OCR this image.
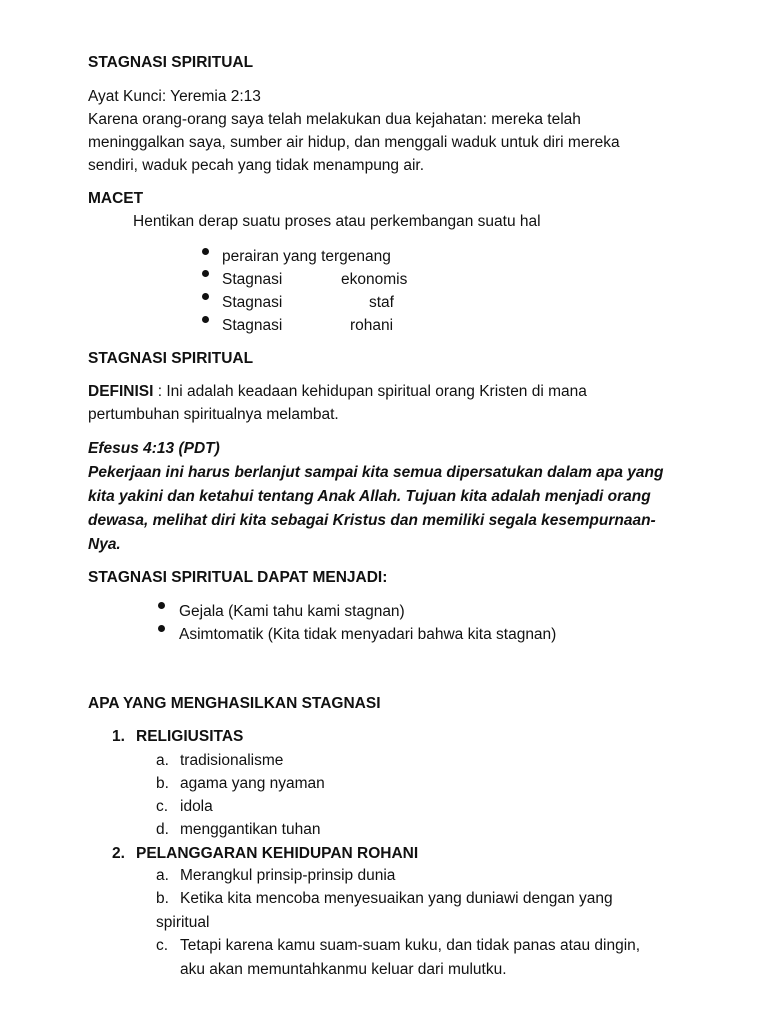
STAGNASI SPIRITUAL
Ayat Kunci: Yeremia 2:13
Karena orang-orang saya telah melakukan dua kejahatan: mereka telah
meninggalkan saya, sumber air hidup, dan menggali waduk untuk diri mereka
sendiri, waduk pecah yang tidak menampung air.
MACET
Hentikan derap suatu proses atau perkembangan suatu hal
perairan yang tergenang
Stagnasi	ekonomis
Stagnasi	staf
Stagnasi	rohani
STAGNASI SPIRITUAL
DEFINISI : Ini adalah keadaan kehidupan spiritual orang Kristen di mana
pertumbuhan spiritualnya melambat.
Efesus 4:13 (PDT)
Pekerjaan ini harus berlanjut sampai kita semua dipersatukan dalam apa yang
kita yakini dan ketahui tentang Anak Allah. Tujuan kita adalah menjadi orang
dewasa, melihat diri kita sebagai Kristus dan memiliki segala kesempurnaan-
Nya.
STAGNASI SPIRITUAL DAPAT MENJADI:
Gejala (Kami tahu kami stagnan)
Asimtomatik (Kita tidak menyadari bahwa kita stagnan)
APA YANG MENGHASILKAN STAGNASI
1. RELIGIUSITAS
a. tradisionalisme
b. agama yang nyaman
c. idola
d. menggantikan tuhan
2. PELANGGARAN KEHIDUPAN ROHANI
a. Merangkul prinsip-prinsip dunia
b. Ketika kita mencoba menyesuaikan yang duniawi dengan yang
spiritual
c. Tetapi karena kamu suam-suam kuku, dan tidak panas atau dingin,
aku akan memuntahkanmu keluar dari mulutku.
